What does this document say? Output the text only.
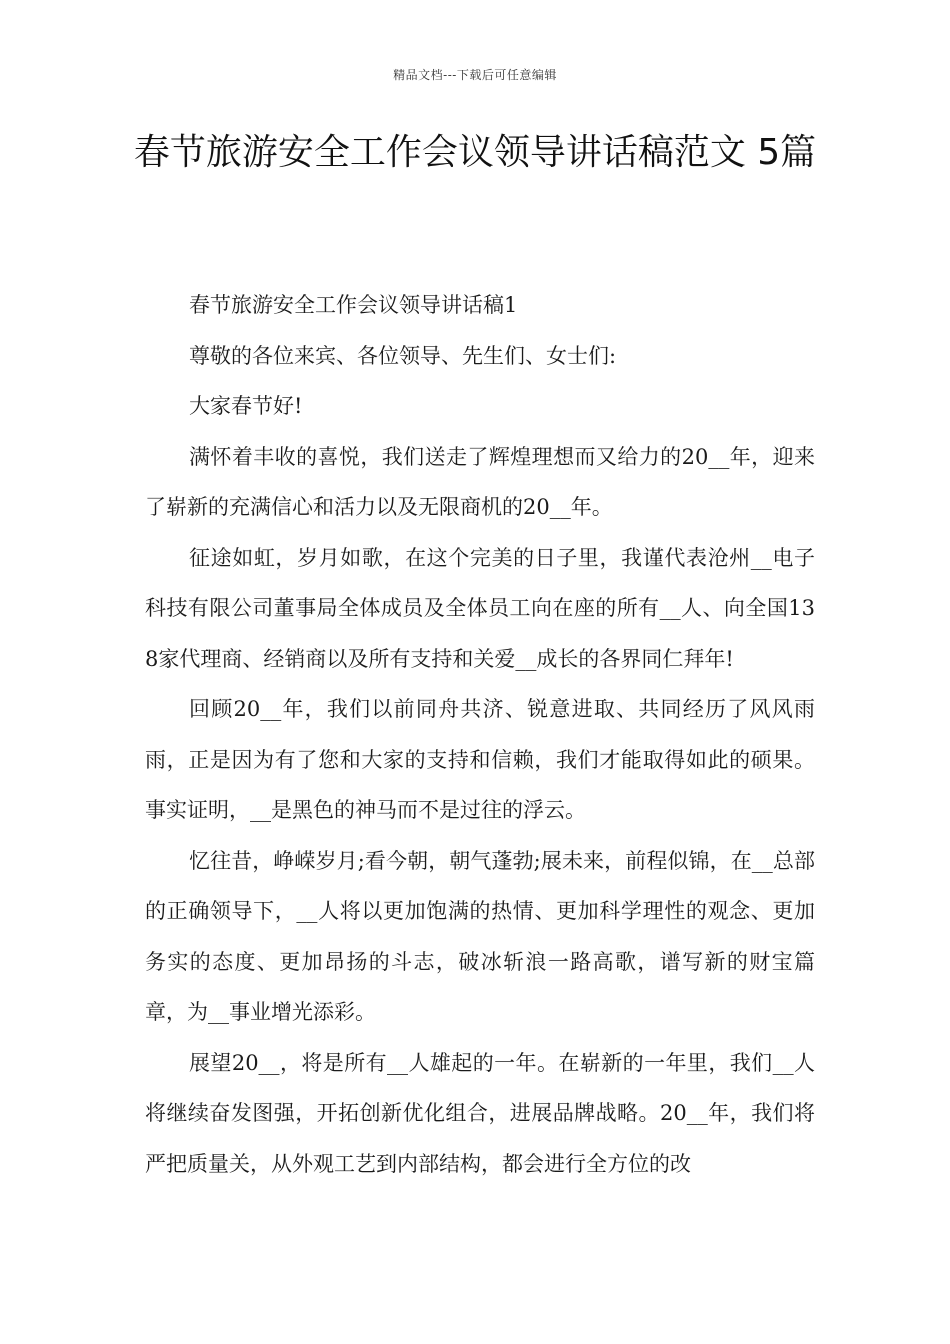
精品文档---下载后可任意编辑
春节旅游安全工作会议领导讲话稿范文 5篇

春节旅游安全工作会议领导讲话稿1

尊敬的各位来宾、各位领导、先生们、女士们:

大家春节好!

满怀着丰收的喜悦，我们送走了辉煌理想而又给力的20__年，迎来了崭新的充满信心和活力以及无限商机的20__年。

征途如虹，岁月如歌，在这个完美的日子里，我谨代表沧州__电子科技有限公司董事局全体成员及全体员工向在座的所有__人、向全国138家代理商、经销商以及所有支持和关爱__成长的各界同仁拜年!

回顾20__年，我们以前同舟共济、锐意进取、共同经历了风风雨雨，正是因为有了您和大家的支持和信赖，我们才能取得如此的硕果。事实证明，__是黑色的神马而不是过往的浮云。

忆往昔，峥嵘岁月;看今朝，朝气蓬勃;展未来，前程似锦，在__总部的正确领导下，__人将以更加饱满的热情、更加科学理性的观念、更加务实的态度、更加昂扬的斗志，破冰斩浪一路高歌，谱写新的财宝篇章，为__事业增光添彩。

展望20__，将是所有__人雄起的一年。在崭新的一年里，我们__人将继续奋发图强，开拓创新优化组合，进展品牌战略。20__年，我们将严把质量关，从外观工艺到内部结构，都会进行全方位的改
